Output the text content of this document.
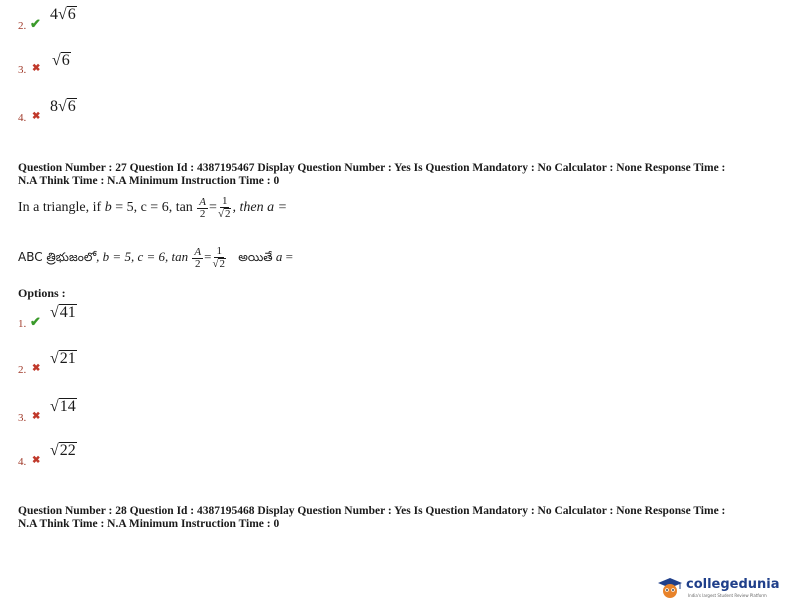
2. ✔
4√6
3. ✖ √6
4. ✖
8√6
Question Number : 27 Question Id : 4387195467 Display Question Number : Yes Is Question Mandatory : No Calculator : None Response Time :
N.A Think Time : N.A Minimum Instruction Time : 0
In a triangle, if b = 5, c = 6, $\tan \frac{A}{2} = \frac{1}{√2}$ , then a =
ABC త్రిభుజంలో, b = 5, c = 6, $\tan \frac{A}{2} = \frac{1}{√2}$ అయితే a =
Options :
1. ✔
√41
2. ✖
√21
3. ✖
√14
4. ✖
√22
Question Number : 28 Question Id : 4387195468 Display Question Number : Yes Is Question Mandatory : No Calculator : None Response Time :
N.A Think Time : N.A Minimum Instruction Time : 0
collegedunia
India's largest Student Review Platform
